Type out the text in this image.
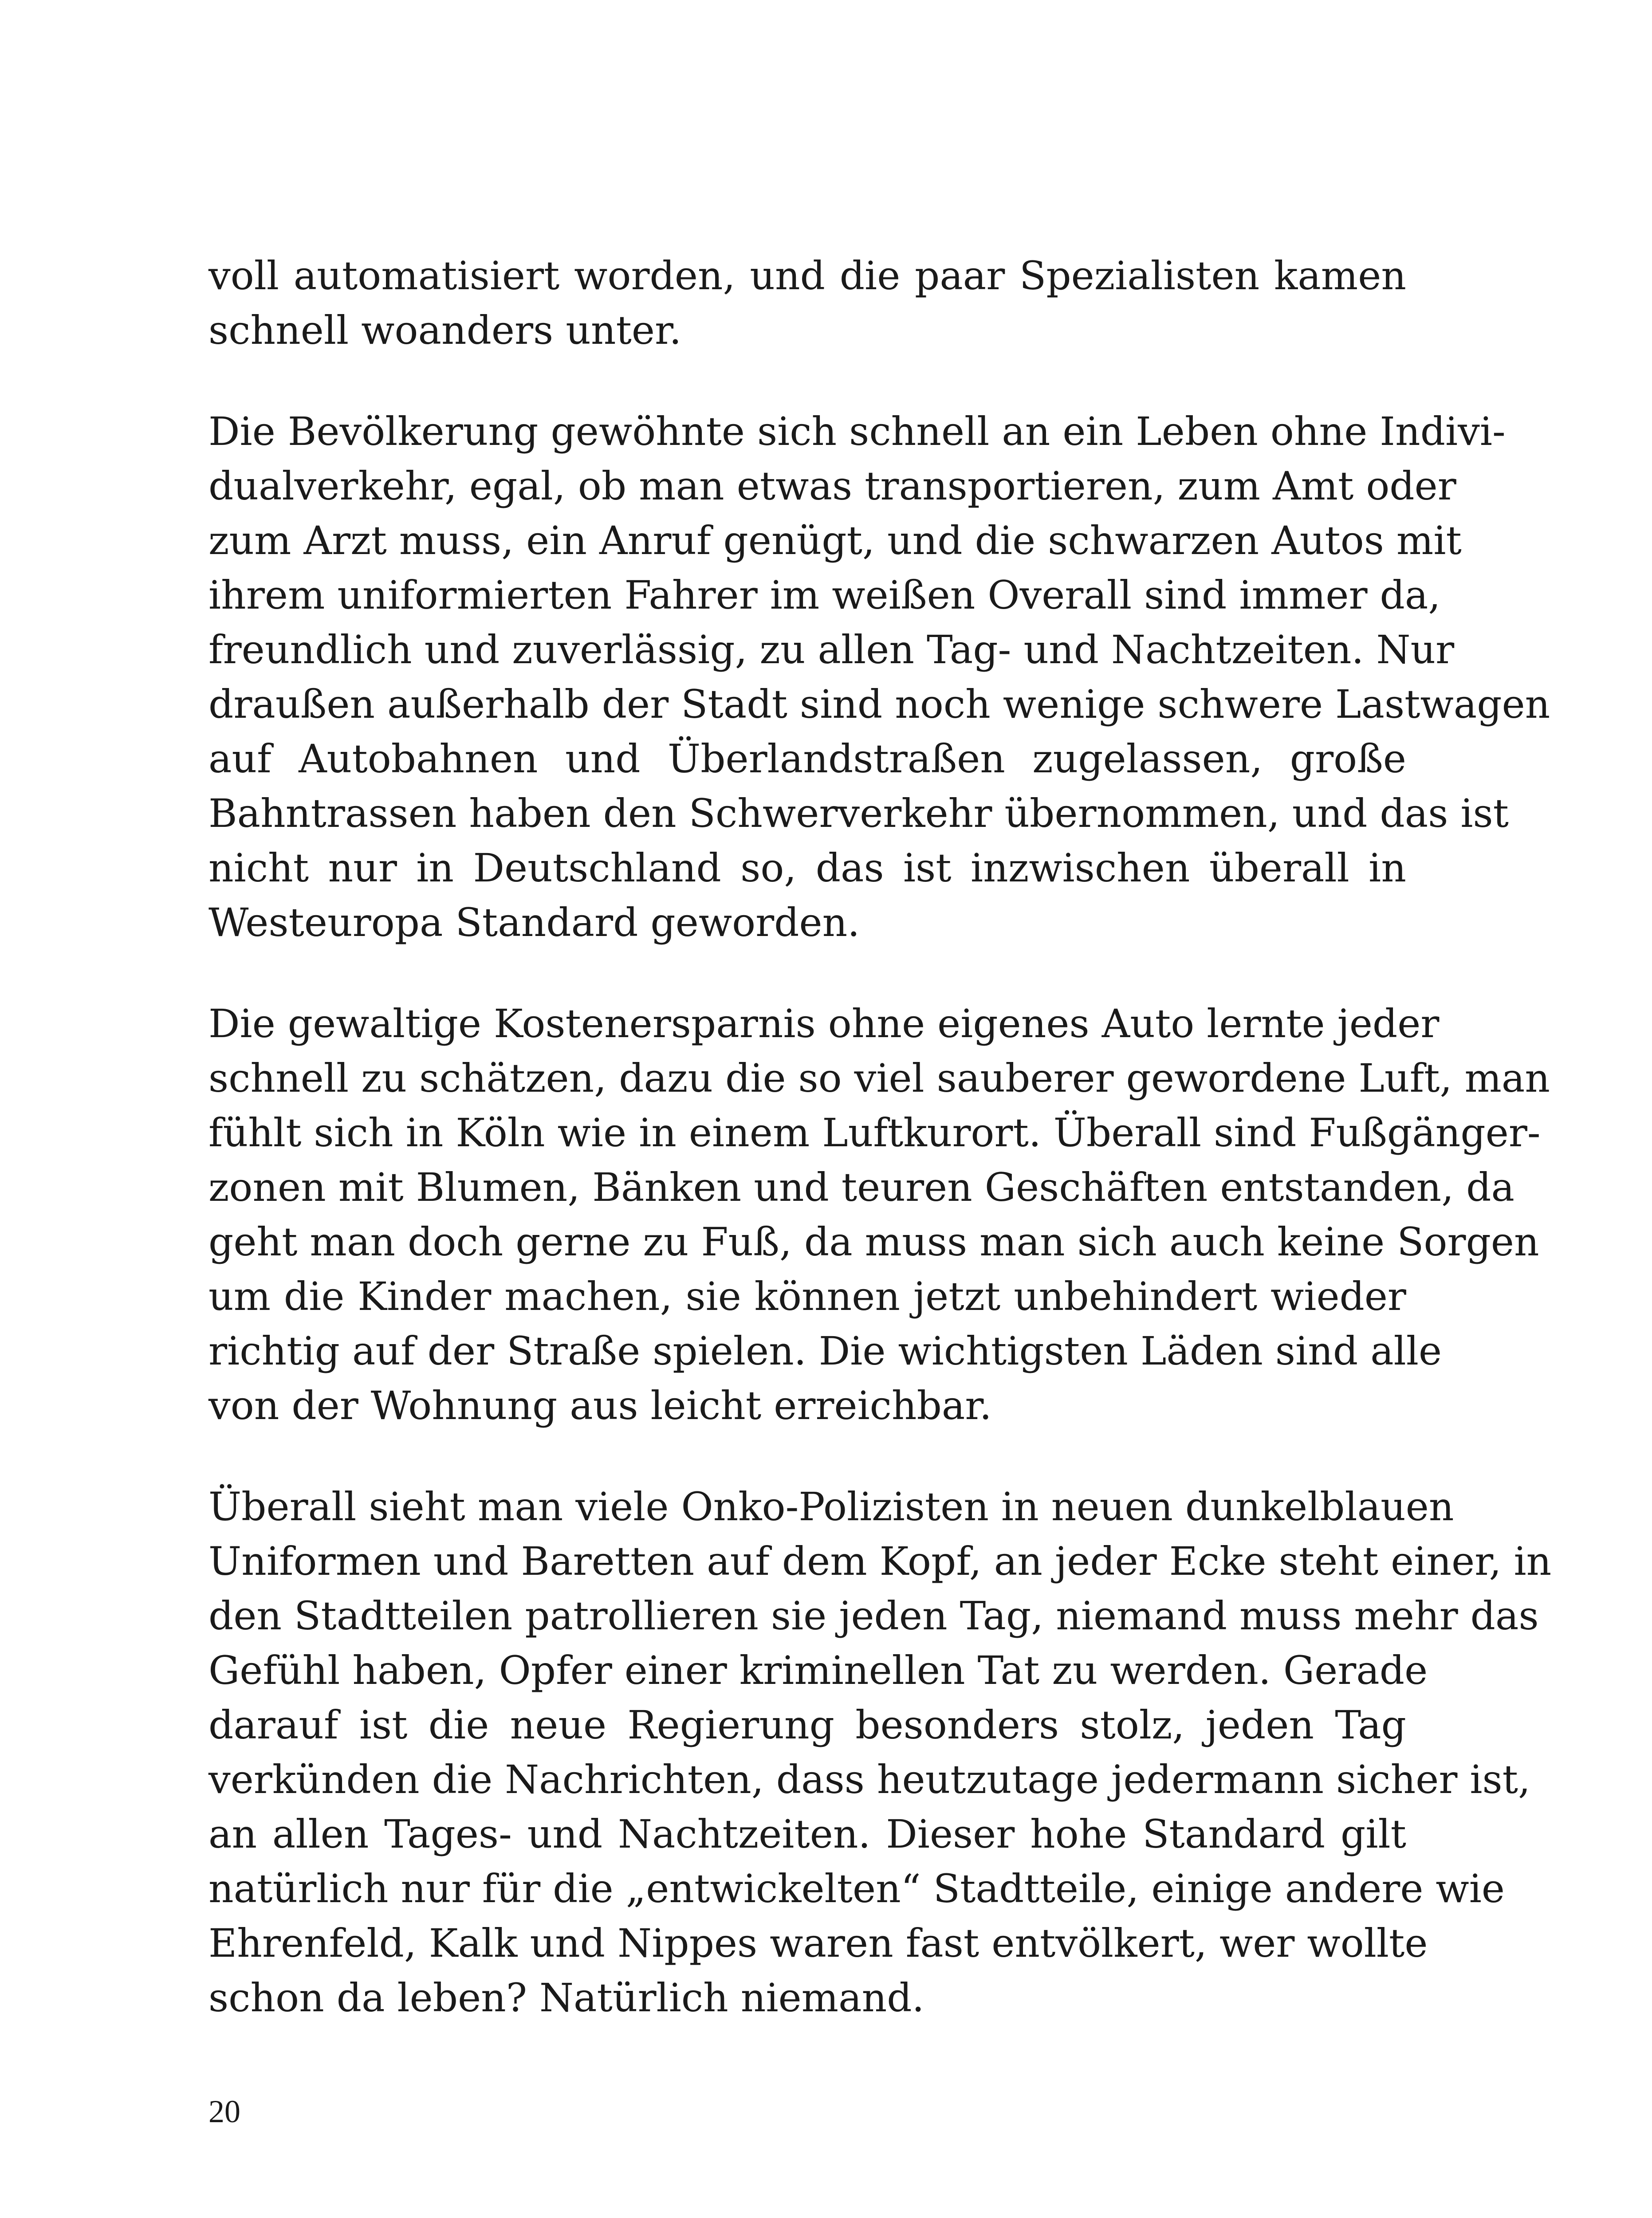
voll automatisiert worden, und die paar Spezialisten kamen
schnell woanders unter.
Die Bevölkerung gewöhnte sich schnell an ein Leben ohne Indivi-
dualverkehr, egal, ob man etwas transportieren, zum Amt oder
zum Arzt muss, ein Anruf genügt, und die schwarzen Autos mit
ihrem uniformierten Fahrer im weißen Overall sind immer da,
freundlich und zuverlässig, zu allen Tag- und Nachtzeiten. Nur
draußen außerhalb der Stadt sind noch wenige schwere Lastwagen
auf Autobahnen und Überlandstraßen zugelassen, große
Bahntrassen haben den Schwerverkehr übernommen, und das ist
nicht nur in Deutschland so, das ist inzwischen überall in
Westeuropa Standard geworden.
Die gewaltige Kostenersparnis ohne eigenes Auto lernte jeder
schnell zu schätzen, dazu die so viel sauberer gewordene Luft, man
fühlt sich in Köln wie in einem Luftkurort. Überall sind Fußgänger-
zonen mit Blumen, Bänken und teuren Geschäften entstanden, da
geht man doch gerne zu Fuß, da muss man sich auch keine Sorgen
um die Kinder machen, sie können jetzt unbehindert wieder
richtig auf der Straße spielen. Die wichtigsten Läden sind alle
von der Wohnung aus leicht erreichbar.
Überall sieht man viele Onko-Polizisten in neuen dunkelblauen
Uniformen und Baretten auf dem Kopf, an jeder Ecke steht einer, in
den Stadtteilen patrollieren sie jeden Tag, niemand muss mehr das
Gefühl haben, Opfer einer kriminellen Tat zu werden. Gerade
darauf ist die neue Regierung besonders stolz, jeden Tag
verkünden die Nachrichten, dass heutzutage jedermann sicher ist,
an allen Tages- und Nachtzeiten. Dieser hohe Standard gilt
natürlich nur für die „entwickelten“ Stadtteile, einige andere wie
Ehrenfeld, Kalk und Nippes waren fast entvölkert, wer wollte
schon da leben? Natürlich niemand.
20
